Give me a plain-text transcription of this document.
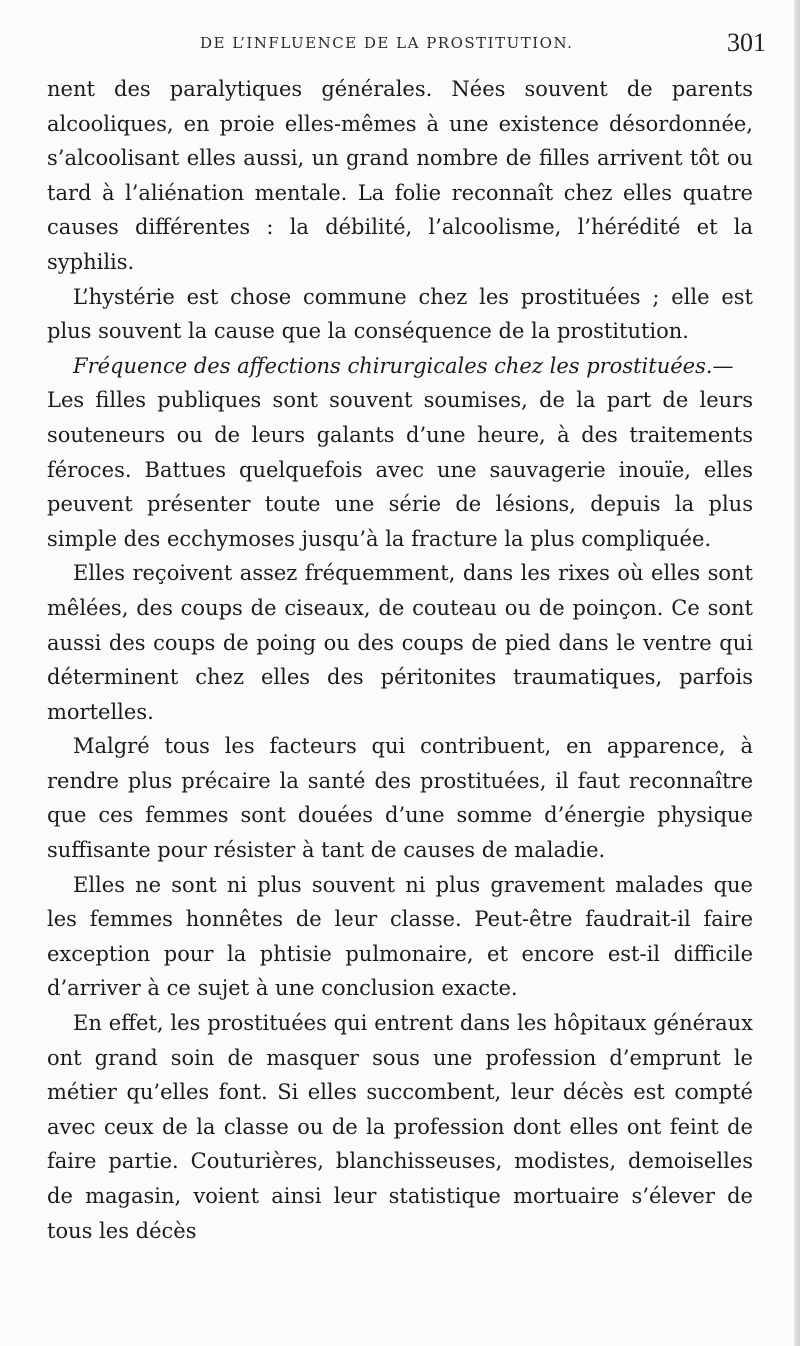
DE L’INFLUENCE DE LA PROSTITUTION.	301

nent des paralytiques générales. Nées souvent de parents alcooliques, en proie elles-mêmes à une existence désordonnée, s’alcoolisant elles aussi, un grand nombre de filles arrivent tôt ou tard à l’aliénation mentale. La folie reconnaît chez elles quatre causes différentes : la débilité, l’alcoolisme, l’hérédité et la syphilis.

L’hystérie est chose commune chez les prostituées ; elle est plus souvent la cause que la conséquence de la prostitution.

Fréquence des affections chirurgicales chez les prostituées.—

Les filles publiques sont souvent soumises, de la part de leurs souteneurs ou de leurs galants d’une heure, à des traitements féroces. Battues quelquefois avec une sauvagerie inouïe, elles peuvent présenter toute une série de lésions, depuis la plus simple des ecchymoses jusqu’à la fracture la plus compliquée.

Elles reçoivent assez fréquemment, dans les rixes où elles sont mêlées, des coups de ciseaux, de couteau ou de poinçon. Ce sont aussi des coups de poing ou des coups de pied dans le ventre qui déterminent chez elles des péritonites traumatiques, parfois mortelles.

Malgré tous les facteurs qui contribuent, en apparence, à rendre plus précaire la santé des prostituées, il faut reconnaître que ces femmes sont douées d’une somme d’énergie physique suffisante pour résister à tant de causes de maladie.

Elles ne sont ni plus souvent ni plus gravement malades que les femmes honnêtes de leur classe. Peut-être faudrait-il faire exception pour la phtisie pulmonaire, et encore est-il difficile d’arriver à ce sujet à une conclusion exacte.

En effet, les prostituées qui entrent dans les hôpitaux généraux ont grand soin de masquer sous une profession d’emprunt le métier qu’elles font. Si elles succombent, leur décès est compté avec ceux de la classe ou de la profession dont elles ont feint de faire partie. Couturières, blanchisseuses, modistes, demoiselles de magasin, voient ainsi leur statistique mortuaire s’élever de tous les décès
